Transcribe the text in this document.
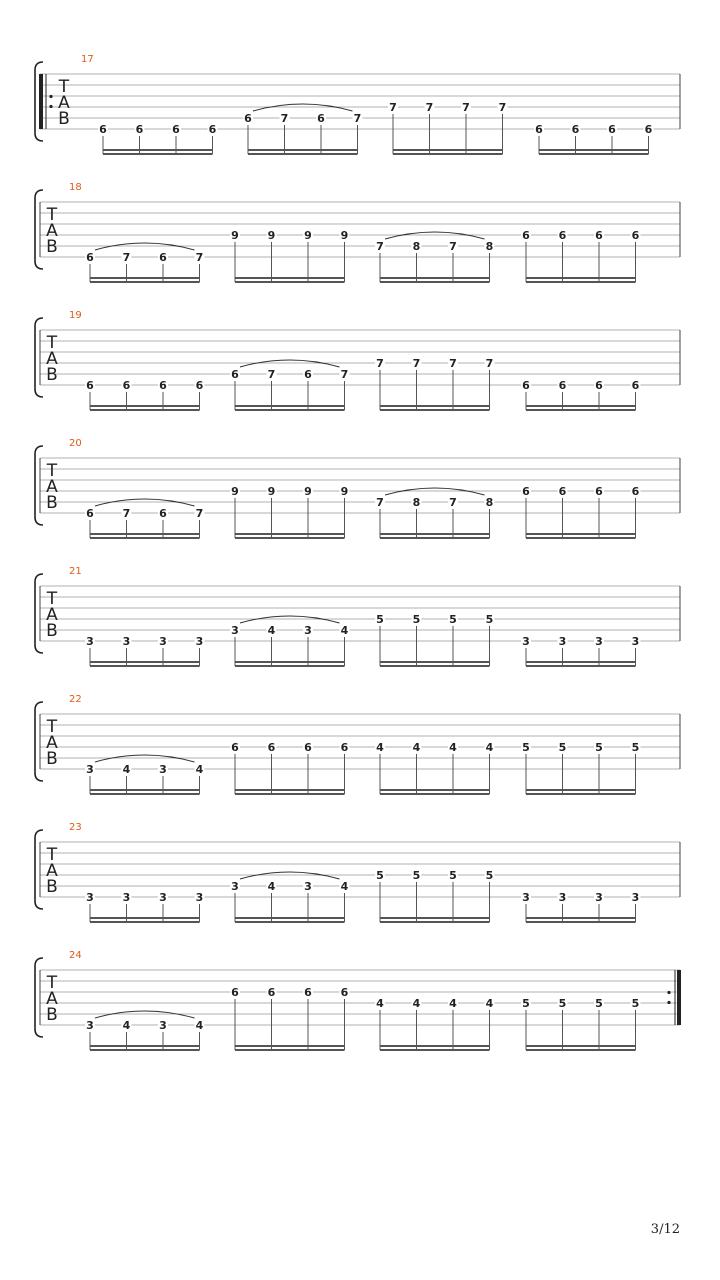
17
T
A
B
6	6	6	6
6	7	6	7
7	7	7	7
6	6	6	6
18
T
A
B
6	7	6	7
9	9	9	9
7	8	7	8
6	6	6	6
19
T
A
B
6	6	6	6
6	7	6	7
7	7	7	7
6	6	6	6
20
T
A
B
6	7	6	7
9	9	9	9
7	8	7	8
6	6	6	6
21
T
A
B
3	3	3	3
3	4	3	4
5	5	5	5
3	3	3	3
22
T
A
B
3	4	3	4
6	6	6	6	4	4	4	4	5	5	5	5
23
T
A
B
3	3	3	3
3	4	3	4
5	5	5	5
3	3	3	3
24
T
A
B
3	4	3	4
6	6	6	6
4	4	4	4	5	5	5	5
3/12
